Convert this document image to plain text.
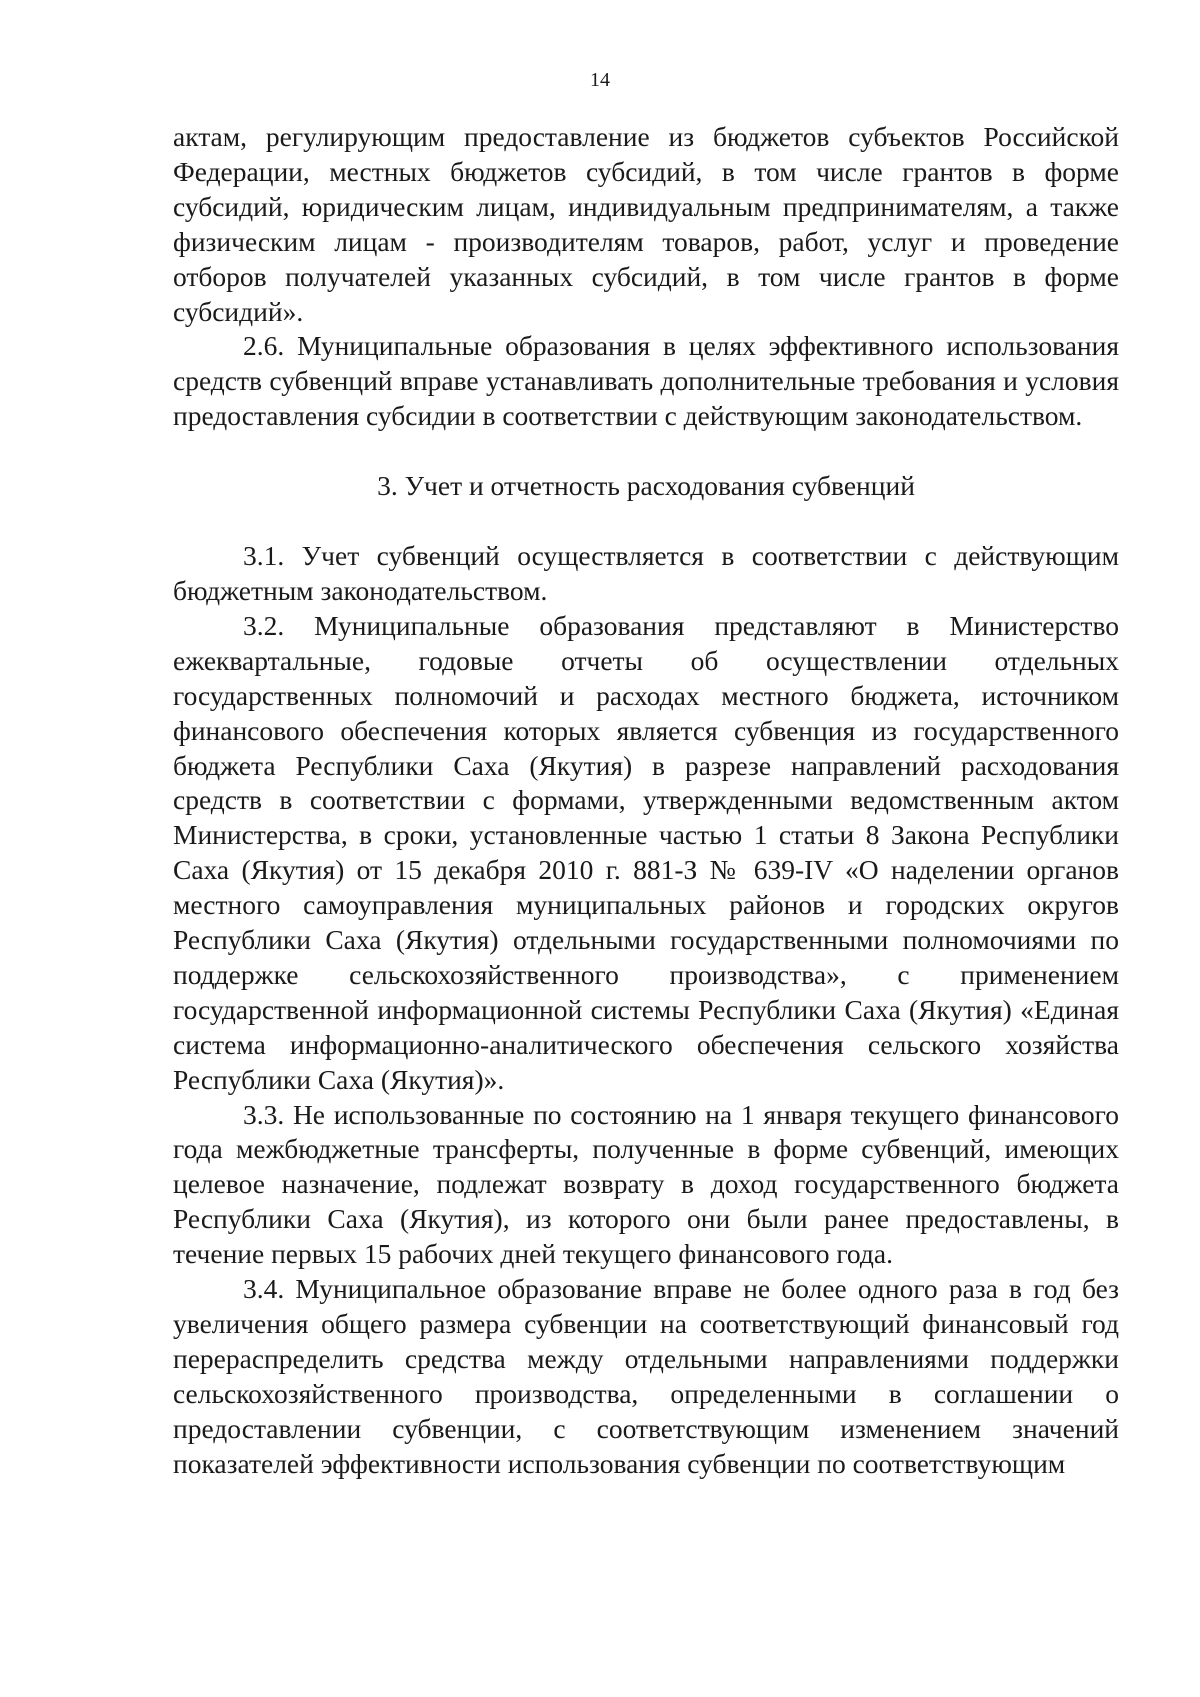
14

актам, регулирующим предоставление из бюджетов субъектов Российской Федерации, местных бюджетов субсидий, в том числе грантов в форме субсидий, юридическим лицам, индивидуальным предпринимателям, а также физическим лицам - производителям товаров, работ, услуг и проведение отборов получателей указанных субсидий, в том числе грантов в форме субсидий».

2.6. Муниципальные образования в целях эффективного использования средств субвенций вправе устанавливать дополнительные требования и условия предоставления субсидии в соответствии с действующим законодательством.

3. Учет и отчетность расходования субвенций

3.1. Учет субвенций осуществляется в соответствии с действующим бюджетным законодательством.

3.2. Муниципальные образования представляют в Министерство ежеквартальные, годовые отчеты об осуществлении отдельных государственных полномочий и расходах местного бюджета, источником финансового обеспечения которых является субвенция из государственного бюджета Республики Саха (Якутия) в разрезе направлений расходования средств в соответствии с формами, утвержденными ведомственным актом Министерства, в сроки, установленные частью 1 статьи 8 Закона Республики Саха (Якутия) от 15 декабря 2010 г. 881-З № 639-IV «О наделении органов местного самоуправления муниципальных районов и городских округов Республики Саха (Якутия) отдельными государственными полномочиями по поддержке сельскохозяйственного производства», с применением государственной информационной системы Республики Саха (Якутия) «Единая система информационно-аналитического обеспечения сельского хозяйства Республики Саха (Якутия)».

3.3. Не использованные по состоянию на 1 января текущего финансового года межбюджетные трансферты, полученные в форме субвенций, имеющих целевое назначение, подлежат возврату в доход государственного бюджета Республики Саха (Якутия), из которого они были ранее предоставлены, в течение первых 15 рабочих дней текущего финансового года.

3.4. Муниципальное образование вправе не более одного раза в год без увеличения общего размера субвенции на соответствующий финансовый год перераспределить средства между отдельными направлениями поддержки сельскохозяйственного производства, определенными в соглашении о предоставлении субвенции, с соответствующим изменением значений показателей эффективности использования субвенции по соответствующим
